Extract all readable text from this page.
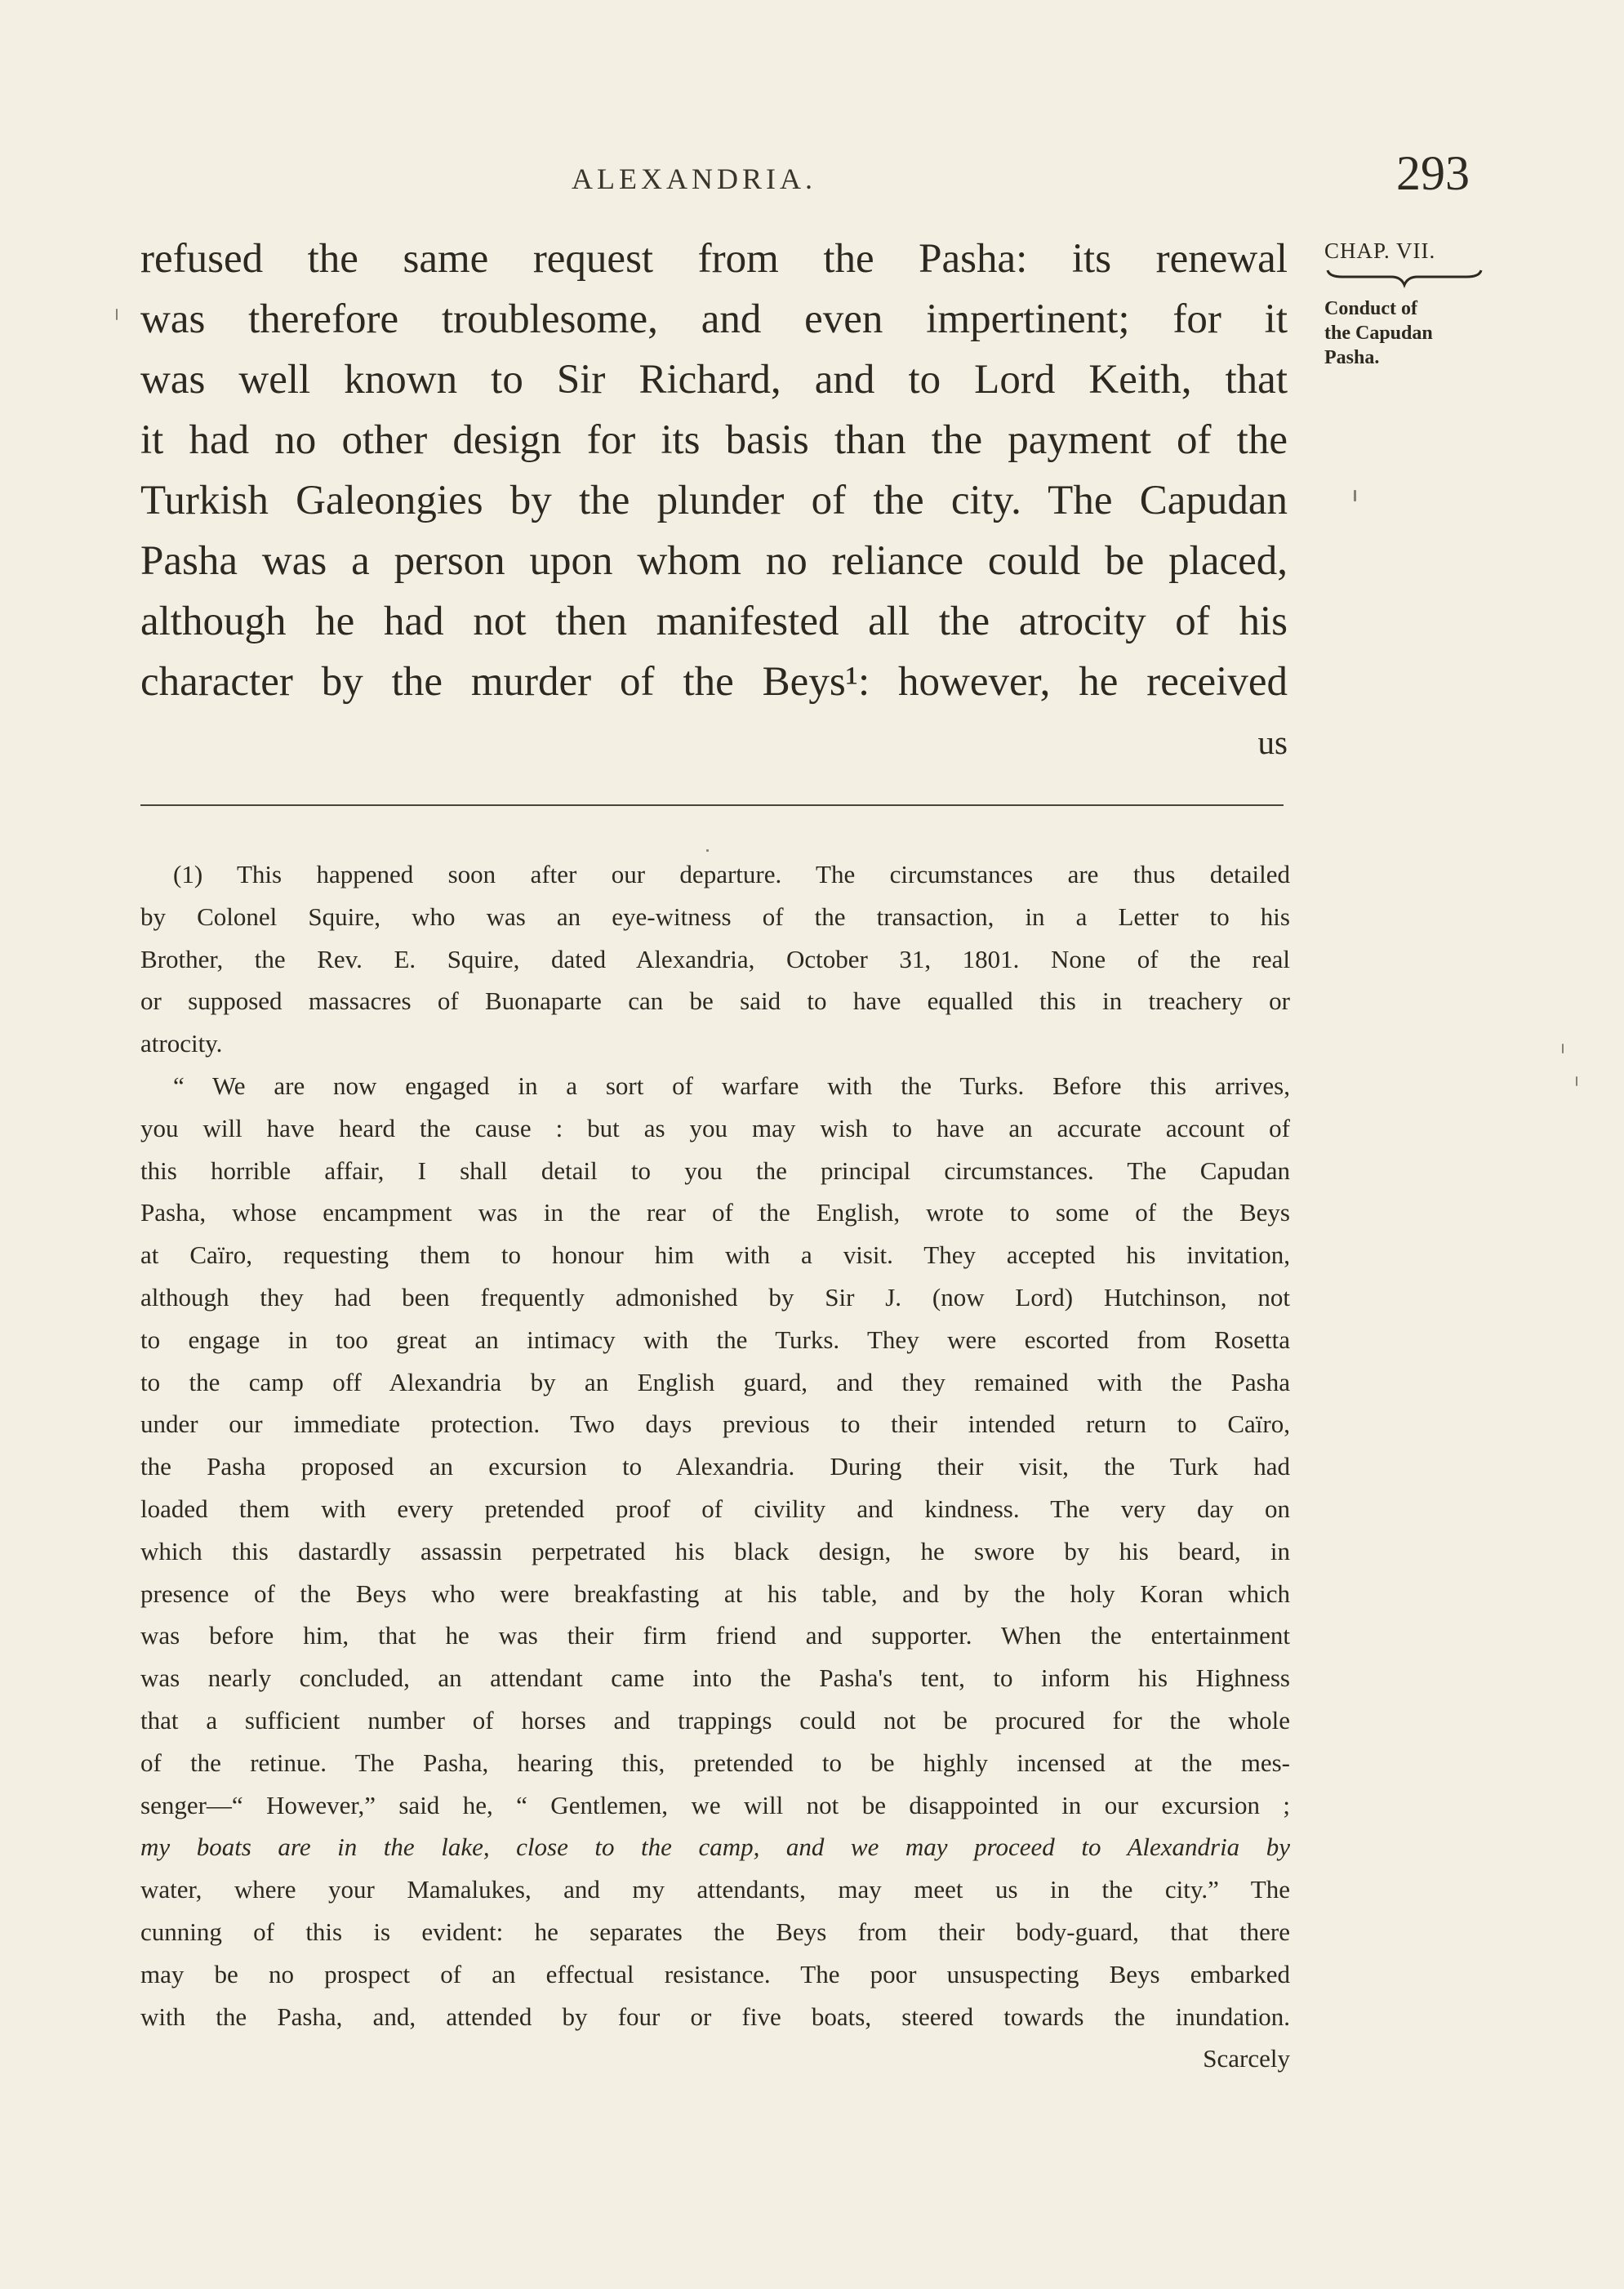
ALEXANDRIA.	293
refused the same request from the Pasha: its renewal
was therefore troublesome, and even impertinent; for it
was well known to Sir Richard, and to Lord Keith, that
it had no other design for its basis than the payment of the
Turkish Galeongies by the plunder of the city. The Capudan
Pasha was a person upon whom no reliance could be placed,
although he had not then manifested all the atrocity of his
character by the murder of the Beys¹: however, he received
us
CHAP. VII.
Conduct of
the Capudan
Pasha.
(1) This happened soon after our departure. The circumstances are thus detailed
by Colonel Squire, who was an eye-witness of the transaction, in a Letter to his
Brother, the Rev. E. Squire, dated Alexandria, October 31, 1801. None of the real
or supposed massacres of Buonaparte can be said to have equalled this in treachery or
atrocity.
“ We are now engaged in a sort of warfare with the Turks. Before this arrives,
you will have heard the cause : but as you may wish to have an accurate account of
this horrible affair, I shall detail to you the principal circumstances. The Capudan
Pasha, whose encampment was in the rear of the English, wrote to some of the Beys
at Caïro, requesting them to honour him with a visit. They accepted his invitation,
although they had been frequently admonished by Sir J. (now Lord) Hutchinson, not
to engage in too great an intimacy with the Turks. They were escorted from Rosetta
to the camp off Alexandria by an English guard, and they remained with the Pasha
under our immediate protection. Two days previous to their intended return to Caïro,
the Pasha proposed an excursion to Alexandria. During their visit, the Turk had
loaded them with every pretended proof of civility and kindness. The very day on
which this dastardly assassin perpetrated his black design, he swore by his beard, in
presence of the Beys who were breakfasting at his table, and by the holy Koran which
was before him, that he was their firm friend and supporter. When the entertainment
was nearly concluded, an attendant came into the Pasha's tent, to inform his Highness
that a sufficient number of horses and trappings could not be procured for the whole
of the retinue. The Pasha, hearing this, pretended to be highly incensed at the mes-
senger—“ However,” said he, “ Gentlemen, we will not be disappointed in our excursion ;
my boats are in the lake, close to the camp, and we may proceed to Alexandria by
water, where your Mamalukes, and my attendants, may meet us in the city.” The
cunning of this is evident: he separates the Beys from their body-guard, that there
may be no prospect of an effectual resistance. The poor unsuspecting Beys embarked
with the Pasha, and, attended by four or five boats, steered towards the inundation.
Scarcely
